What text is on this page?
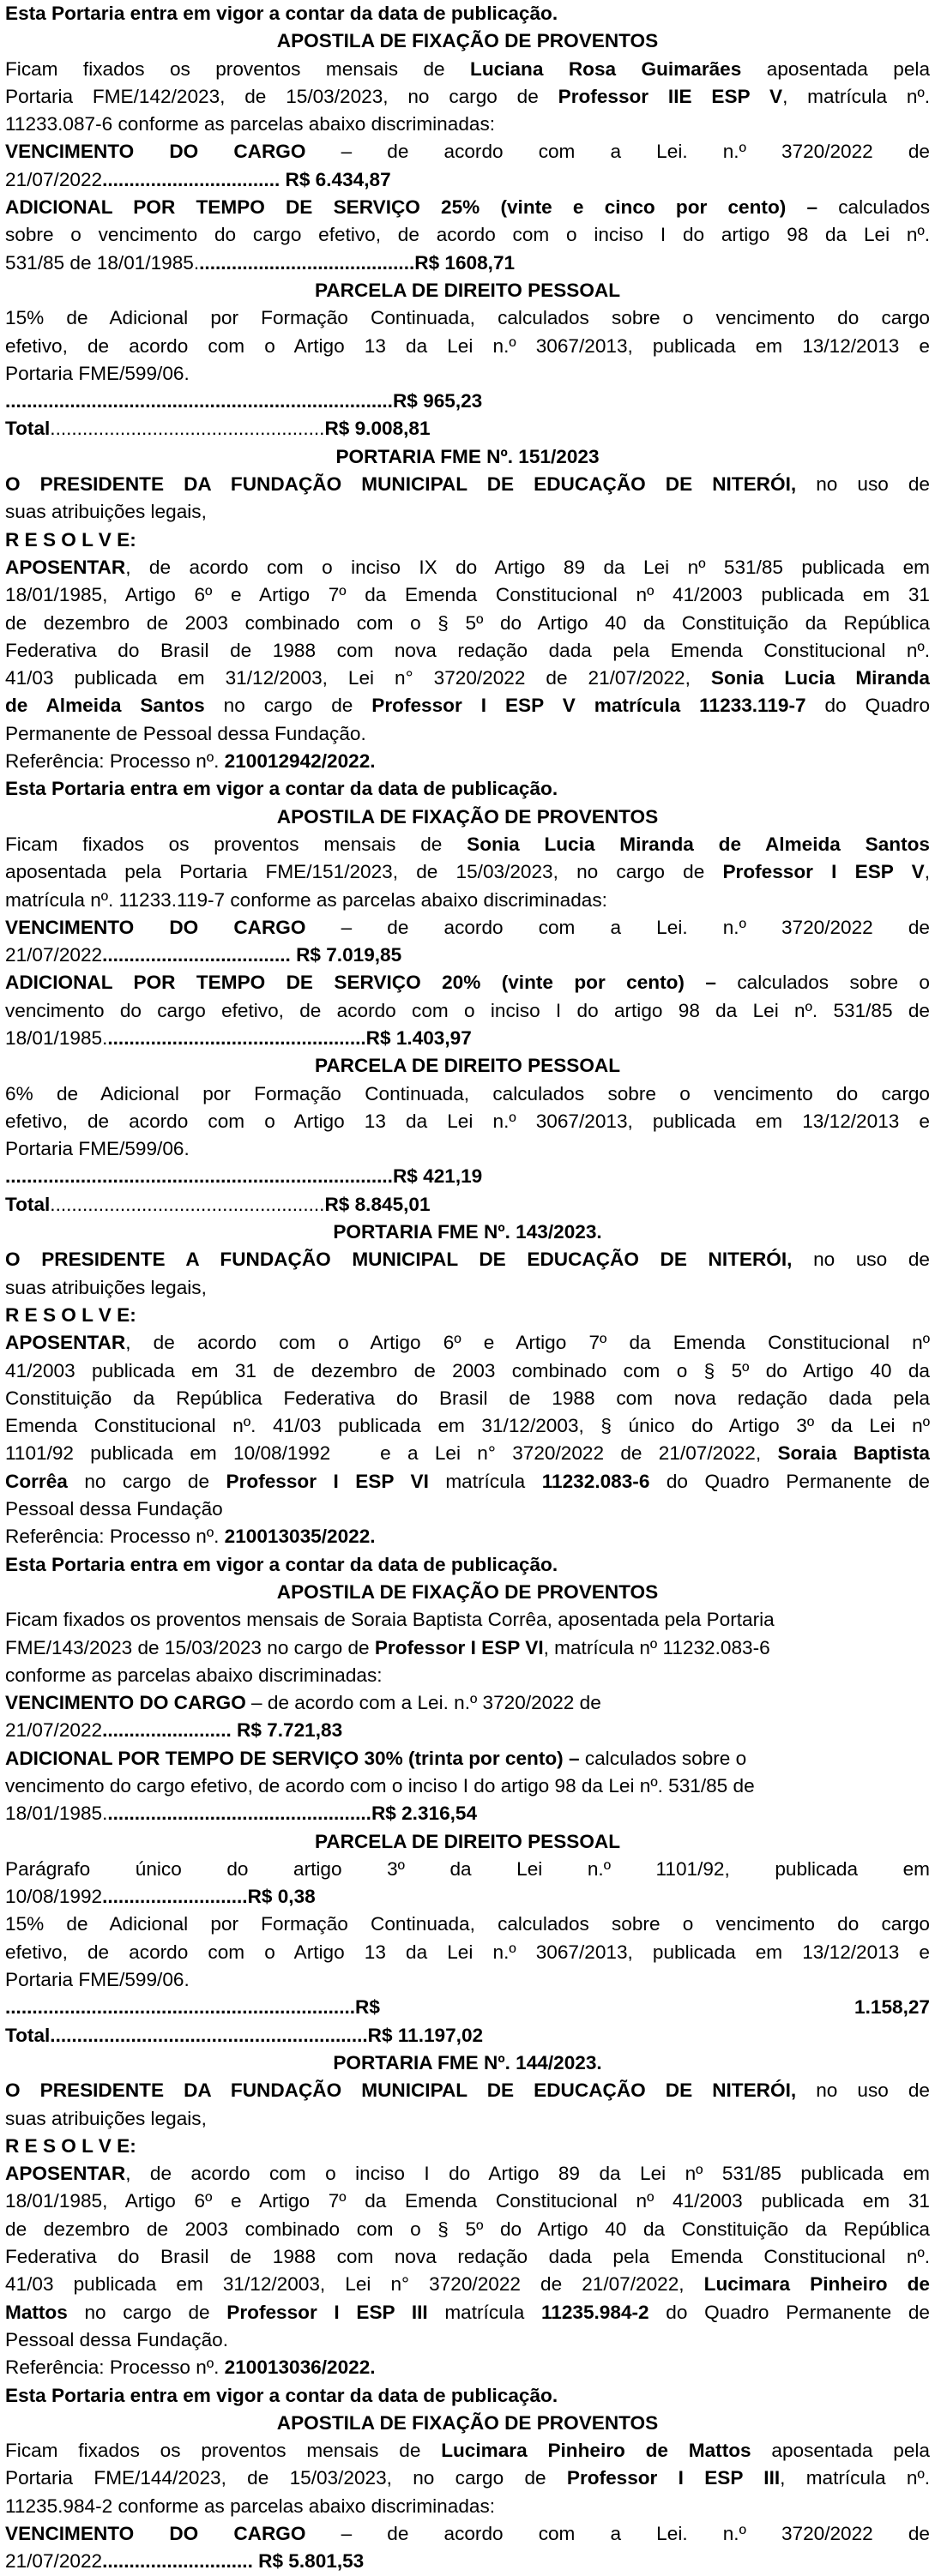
Esta Portaria entra em vigor a contar da data de publicação.

APOSTILA DE FIXAÇÃO DE PROVENTOS

Ficam fixados os proventos mensais de Luciana Rosa Guimarães aposentada pela

Portaria FME/142/2023, de 15/03/2023, no cargo de Professor IIE ESP V, matrícula nº.

11233.087-6 conforme as parcelas abaixo discriminadas:

VENCIMENTO DO CARGO – de acordo com a Lei. n.º 3720/2022 de

21/07/2022................................. R$ 6.434,87

ADICIONAL POR TEMPO DE SERVIÇO 25% (vinte e cinco por cento) – calculados

sobre o vencimento do cargo efetivo, de acordo com o inciso I do artigo 98 da Lei nº.

531/85 de 18/01/1985.........................................R$ 1608,71

PARCELA DE DIREITO PESSOAL

15% de Adicional por Formação Continuada, calculados sobre o vencimento do cargo

efetivo, de acordo com o Artigo 13 da Lei n.º 3067/2013, publicada em 13/12/2013 e

Portaria FME/599/06.

........................................................................R$ 965,23

Total...................................................R$ 9.008,81

PORTARIA FME Nº. 151/2023

O PRESIDENTE DA FUNDAÇÃO MUNICIPAL DE EDUCAÇÃO DE NITERÓI, no uso de

suas atribuições legais,

R E S O L V E:

APOSENTAR, de acordo com o inciso IX do Artigo 89 da Lei nº 531/85 publicada em

18/01/1985, Artigo 6º e Artigo 7º da Emenda Constitucional nº 41/2003 publicada em 31

de dezembro de 2003 combinado com o § 5º do Artigo 40 da Constituição da República

Federativa do Brasil de 1988 com nova redação dada pela Emenda Constitucional nº.

41/03 publicada em 31/12/2003, Lei n° 3720/2022 de 21/07/2022, Sonia Lucia Miranda

de Almeida Santos no cargo de Professor I ESP V matrícula 11233.119-7 do Quadro

Permanente de Pessoal dessa Fundação.

Referência: Processo nº. 210012942/2022.

Esta Portaria entra em vigor a contar da data de publicação.

APOSTILA DE FIXAÇÃO DE PROVENTOS

Ficam fixados os proventos mensais de Sonia Lucia Miranda de Almeida Santos

aposentada pela Portaria FME/151/2023, de 15/03/2023, no cargo de Professor I ESP V,

matrícula nº. 11233.119-7 conforme as parcelas abaixo discriminadas:

VENCIMENTO DO CARGO – de acordo com a Lei. n.º 3720/2022 de

21/07/2022................................... R$ 7.019,85

ADICIONAL POR TEMPO DE SERVIÇO 20% (vinte por cento) – calculados sobre o

vencimento do cargo efetivo, de acordo com o inciso I do artigo 98 da Lei nº. 531/85 de

18/01/1985.................................................R$ 1.403,97

PARCELA DE DIREITO PESSOAL

6% de Adicional por Formação Continuada, calculados sobre o vencimento do cargo

efetivo, de acordo com o Artigo 13 da Lei n.º 3067/2013, publicada em 13/12/2013 e

Portaria FME/599/06.

........................................................................R$ 421,19

Total...................................................R$ 8.845,01

PORTARIA FME Nº. 143/2023.

O PRESIDENTE A FUNDAÇÃO MUNICIPAL DE EDUCAÇÃO DE NITERÓI, no uso de

suas atribuições legais,

R E S O L V E:

APOSENTAR, de acordo com o Artigo 6º e Artigo 7º da Emenda Constitucional nº

41/2003 publicada em 31 de dezembro de 2003 combinado com o § 5º do Artigo 40 da

Constituição da República Federativa do Brasil de 1988 com nova redação dada pela

Emenda Constitucional nº. 41/03 publicada em 31/12/2003, § único do Artigo 3º da Lei nº

1101/92 publicada em 10/08/1992   e a Lei n° 3720/2022 de 21/07/2022, Soraia Baptista

Corrêa no cargo de Professor I ESP VI matrícula 11232.083-6 do Quadro Permanente de

Pessoal dessa Fundação

Referência: Processo nº. 210013035/2022.

Esta Portaria entra em vigor a contar da data de publicação.

APOSTILA DE FIXAÇÃO DE PROVENTOS

Ficam fixados os proventos mensais de Soraia Baptista Corrêa, aposentada pela Portaria

FME/143/2023 de 15/03/2023 no cargo de Professor I ESP VI, matrícula nº 11232.083-6

conforme as parcelas abaixo discriminadas:

VENCIMENTO DO CARGO – de acordo com a Lei. n.º 3720/2022 de

21/07/2022........................ R$ 7.721,83

ADICIONAL POR TEMPO DE SERVIÇO 30% (trinta por cento) – calculados sobre o

vencimento do cargo efetivo, de acordo com o inciso I do artigo 98 da Lei nº. 531/85 de

18/01/1985..................................................R$ 2.316,54

PARCELA DE DIREITO PESSOAL

Parágrafo único do artigo 3º da Lei n.º 1101/92, publicada em

10/08/1992...........................R$ 0,38

15% de Adicional por Formação Continuada, calculados sobre o vencimento do cargo

efetivo, de acordo com o Artigo 13 da Lei n.º 3067/2013, publicada em 13/12/2013 e

Portaria FME/599/06.

.................................................................R$	1.158,27

Total...........................................................R$ 11.197,02

PORTARIA FME Nº. 144/2023.

O PRESIDENTE DA FUNDAÇÃO MUNICIPAL DE EDUCAÇÃO DE NITERÓI, no uso de

suas atribuições legais,

R E S O L V E:

APOSENTAR, de acordo com o inciso I do Artigo 89 da Lei nº 531/85 publicada em

18/01/1985, Artigo 6º e Artigo 7º da Emenda Constitucional nº 41/2003 publicada em 31

de dezembro de 2003 combinado com o § 5º do Artigo 40 da Constituição da República

Federativa do Brasil de 1988 com nova redação dada pela Emenda Constitucional nº.

41/03 publicada em 31/12/2003, Lei n° 3720/2022 de 21/07/2022, Lucimara Pinheiro de

Mattos no cargo de Professor I ESP III matrícula 11235.984-2 do Quadro Permanente de

Pessoal dessa Fundação.

Referência: Processo nº. 210013036/2022.

Esta Portaria entra em vigor a contar da data de publicação.

APOSTILA DE FIXAÇÃO DE PROVENTOS

Ficam fixados os proventos mensais de Lucimara Pinheiro de Mattos aposentada pela

Portaria FME/144/2023, de 15/03/2023, no cargo de Professor I ESP III, matrícula nº.

11235.984-2 conforme as parcelas abaixo discriminadas:

VENCIMENTO DO CARGO – de acordo com a Lei. n.º 3720/2022 de

21/07/2022............................ R$ 5.801,53
